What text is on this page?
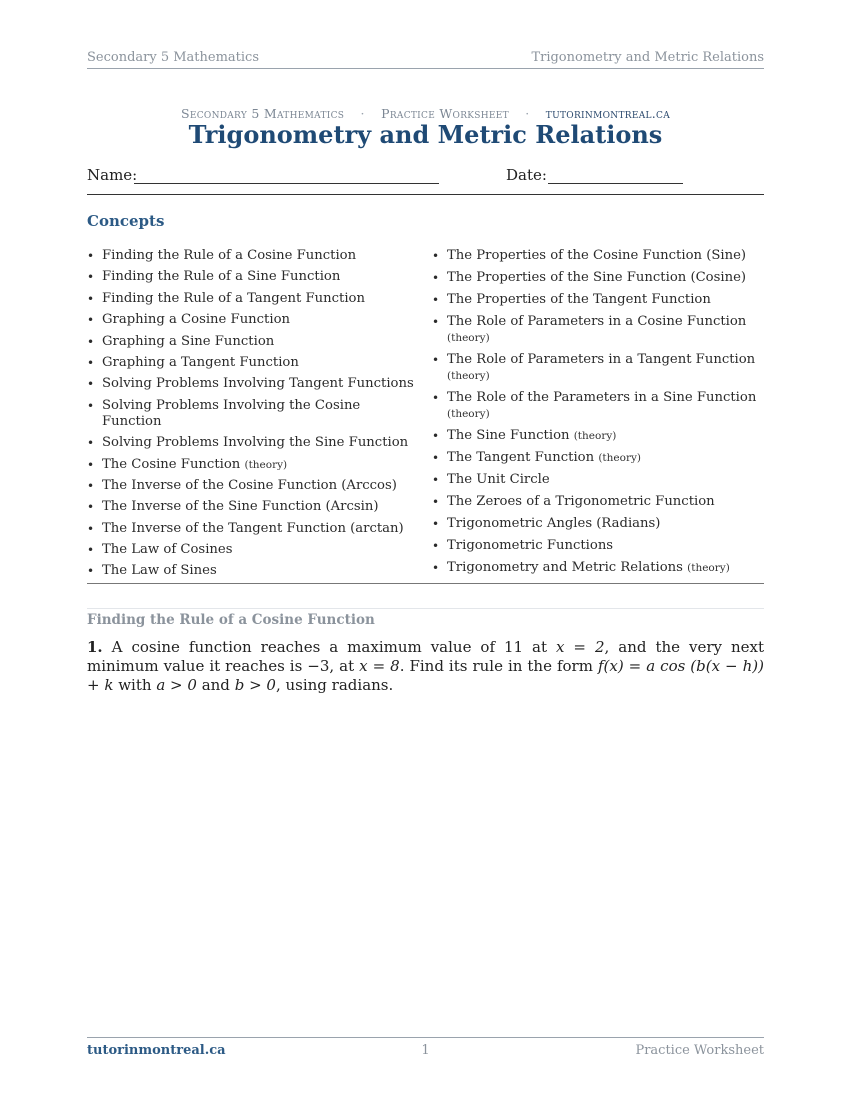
Secondary 5 Mathematics	Trigonometry and Metric Relations
Secondary 5 Mathematics · Practice Worksheet · tutorinmontreal.ca
Trigonometry and Metric Relations
Name:	Date:
Concepts
• Finding the Rule of a Cosine Function
• Finding the Rule of a Sine Function
• Finding the Rule of a Tangent Function
• Graphing a Cosine Function
• Graphing a Sine Function
• Graphing a Tangent Function
• Solving Problems Involving Tangent Functions
• Solving Problems Involving the Cosine Function
• Solving Problems Involving the Sine Function
• The Cosine Function (theory)
• The Inverse of the Cosine Function (Arccos)
• The Inverse of the Sine Function (Arcsin)
• The Inverse of the Tangent Function (arctan)
• The Law of Cosines
• The Law of Sines
• The Properties of the Cosine Function (Sine)
• The Properties of the Sine Function (Cosine)
• The Properties of the Tangent Function
• The Role of Parameters in a Cosine Function (theory)
• The Role of Parameters in a Tangent Function (theory)
• The Role of the Parameters in a Sine Function (theory)
• The Sine Function (theory)
• The Tangent Function (theory)
• The Unit Circle
• The Zeroes of a Trigonometric Function
• Trigonometric Angles (Radians)
• Trigonometric Functions
• Trigonometry and Metric Relations (theory)
Finding the Rule of a Cosine Function
1. A cosine function reaches a maximum value of 11 at x = 2, and the very next minimum value it reaches is −3, at x = 8. Find its rule in the form f(x) = a cos (b(x − h)) + k with a > 0 and b > 0, using radians.
tutorinmontreal.ca	1	Practice Worksheet
